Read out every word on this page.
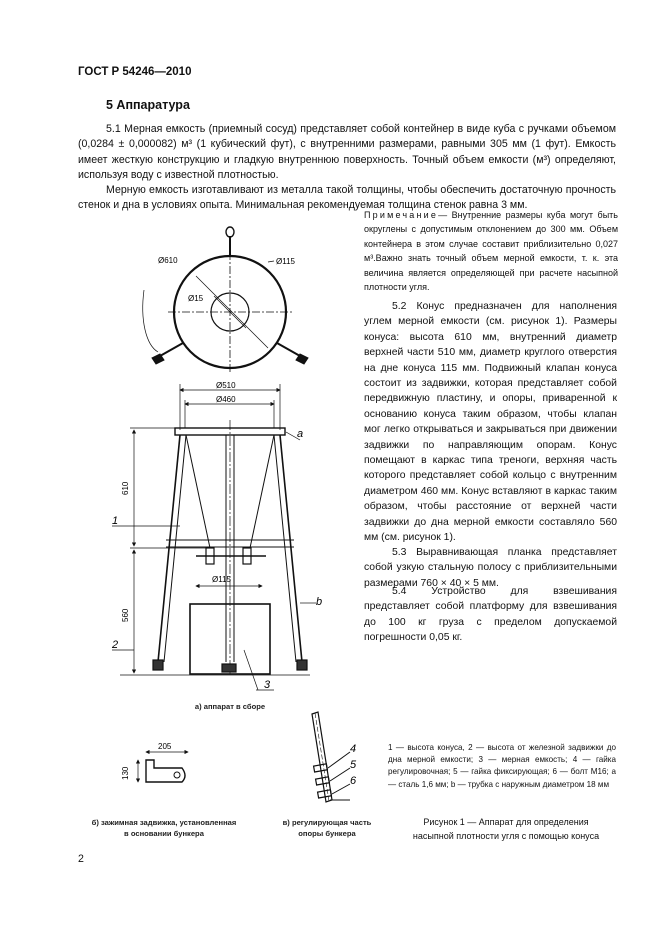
ГОСТ Р 54246—2010
5 Аппаратура

5.1 Мерная емкость (приемный сосуд) представляет собой контейнер в виде куба с ручками объемом (0,0284 ± 0,000082) м³ (1 кубический фут), с внутренними размерами, равными 305 мм (1 фут). Емкость имеет жесткую конструкцию и гладкую внутреннюю поверхность. Точный объем емкости (м³) определяют, используя воду с известной плотностью.

Мерную емкость изготавливают из металла такой толщины, чтобы обеспечить достаточную прочность стенок и дна в условиях опыта. Минимальная рекомендуемая толщина стенок равна 3 мм.

Примечание— Внутренние размеры куба могут быть округлены с допустимым отклонением до 300 мм. Объем контейнера в этом случае составит приблизительно 0,027 м³.Важно знать точный объем мерной емкости, т. к. эта величина является определяющей при расчете насыпной плотности угля.

5.2 Конус предназначен для наполнения углем мерной емкости (см. рисунок 1). Размеры конуса: высота 610 мм, внутренний диаметр верхней части 510 мм, диаметр круглого отверстия на дне конуса 115 мм. Подвижный клапан конуса состоит из задвижки, которая представляет собой передвижную пластину, и опоры, приваренной к основанию конуса таким образом, чтобы клапан мог легко открываться и закрываться при движении задвижки по направляющим опорам. Конус помещают в каркас типа треноги, верхняя часть которого представляет собой кольцо с внутренним диаметром 460 мм. Конус вставляют в каркас таким образом, чтобы расстояние от верхней части задвижки до дна мерной емкости составляло 560 мм (см. рисунок 1).

5.3 Выравнивающая планка представляет собой узкую стальную полосу с приблизительными размерами 760 × 40 × 5 мм.

5.4 Устройство для взвешивания представляет собой платформу для взвешивания до 100 кг груза с пределом допускаемой погрешности 0,05 кг.

Ø610	Ø115
Ø15
Ø510
Ø460
610
560
Ø115
a
b
1
2
3
205
130
4
5
6
а) аппарат в сборе
б) зажимная задвижка, установленная
в основании бункера
в) регулирующая часть
опоры бункера
1 — высота конуса, 2 — высота от железной задвижки до дна мерной емкости; 3 — мерная емкость; 4 — гайка регулировочная; 5 — гайка фиксирующая; 6 — болт М16; a — сталь 1,6 мм; b — трубка с наружным диаметром 18 мм
Рисунок 1 — Аппарат для определения
насыпной плотности угля с помощью конуса
2
